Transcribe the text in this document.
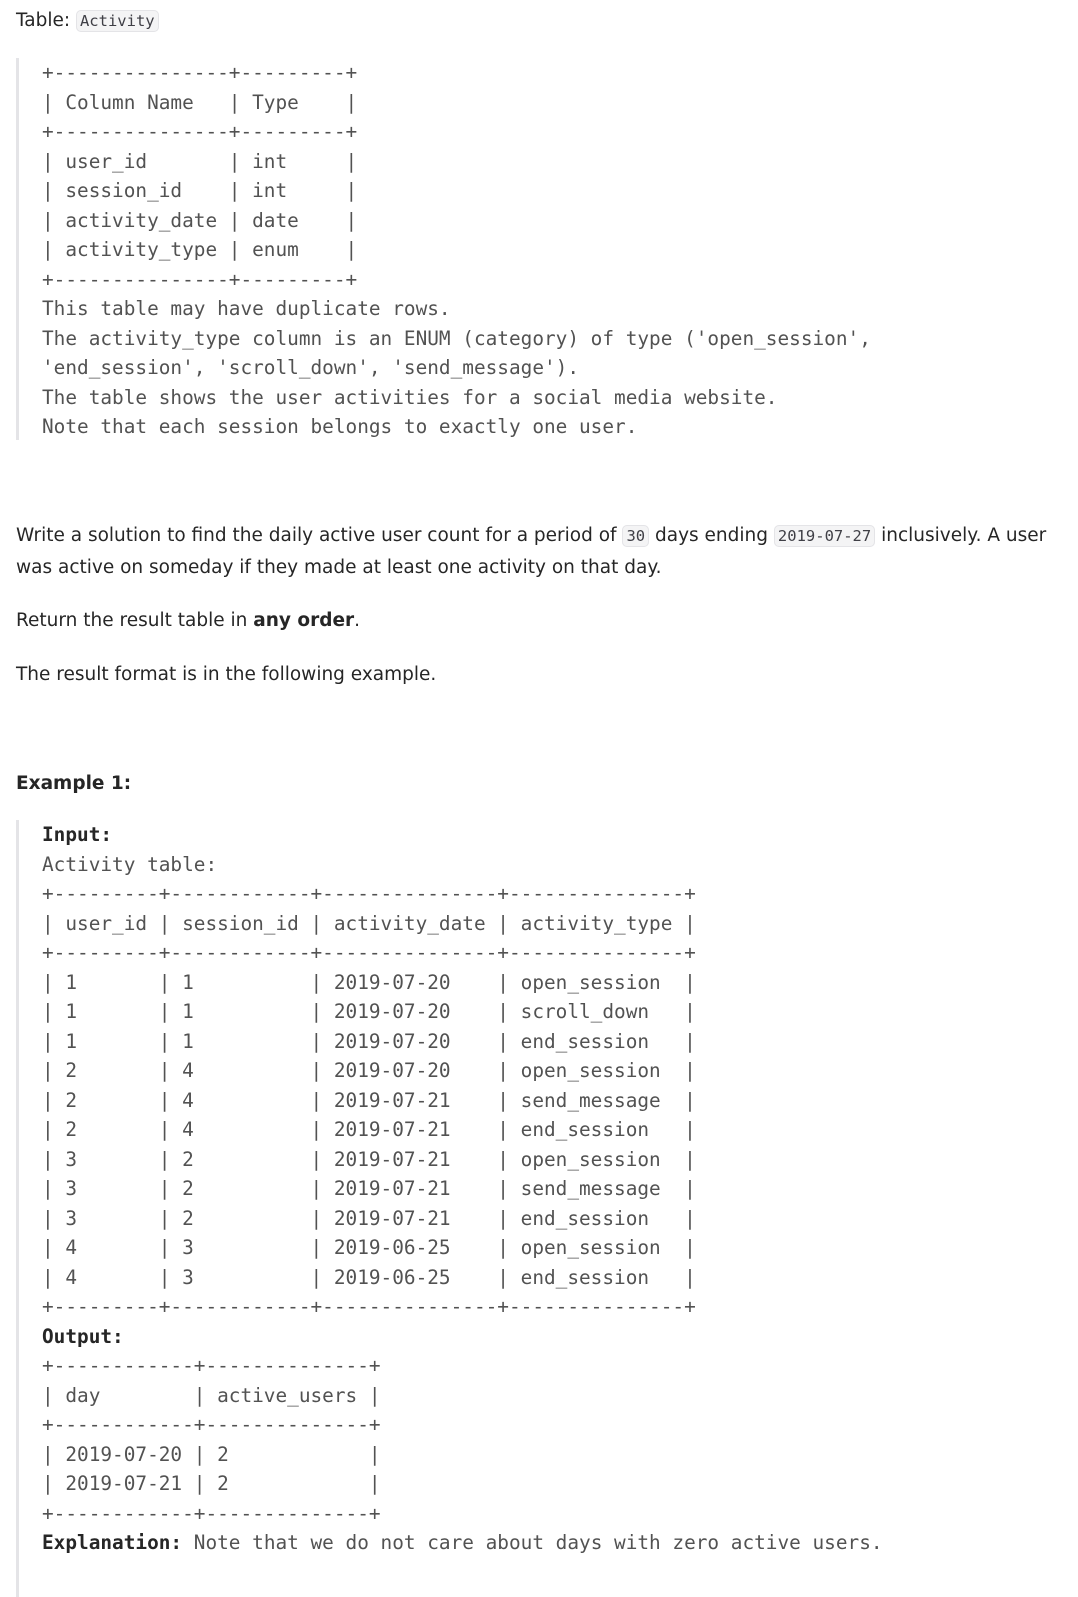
Table: Activity
+---------------+---------+
| Column Name   | Type    |
+---------------+---------+
| user_id       | int     |
| session_id    | int     |
| activity_date | date    |
| activity_type | enum    |
+---------------+---------+
This table may have duplicate rows.
The activity_type column is an ENUM (category) of type ('open_session',
'end_session', 'scroll_down', 'send_message').
The table shows the user activities for a social media website.
Note that each session belongs to exactly one user.
Write a solution to find the daily active user count for a period of 30 days ending 2019-07-27 inclusively. A user was active on someday if they made at least one activity on that day.
Return the result table in any order.
The result format is in the following example.
Example 1:
Input:
Activity table:
+---------+------------+---------------+---------------+
| user_id | session_id | activity_date | activity_type |
+---------+------------+---------------+---------------+
| 1       | 1          | 2019-07-20    | open_session  |
| 1       | 1          | 2019-07-20    | scroll_down   |
| 1       | 1          | 2019-07-20    | end_session   |
| 2       | 4          | 2019-07-20    | open_session  |
| 2       | 4          | 2019-07-21    | send_message  |
| 2       | 4          | 2019-07-21    | end_session   |
| 3       | 2          | 2019-07-21    | open_session  |
| 3       | 2          | 2019-07-21    | send_message  |
| 3       | 2          | 2019-07-21    | end_session   |
| 4       | 3          | 2019-06-25    | open_session  |
| 4       | 3          | 2019-06-25    | end_session   |
+---------+------------+---------------+---------------+
Output:
+------------+--------------+
| day        | active_users |
+------------+--------------+
| 2019-07-20 | 2            |
| 2019-07-21 | 2            |
+------------+--------------+
Explanation: Note that we do not care about days with zero active users.
